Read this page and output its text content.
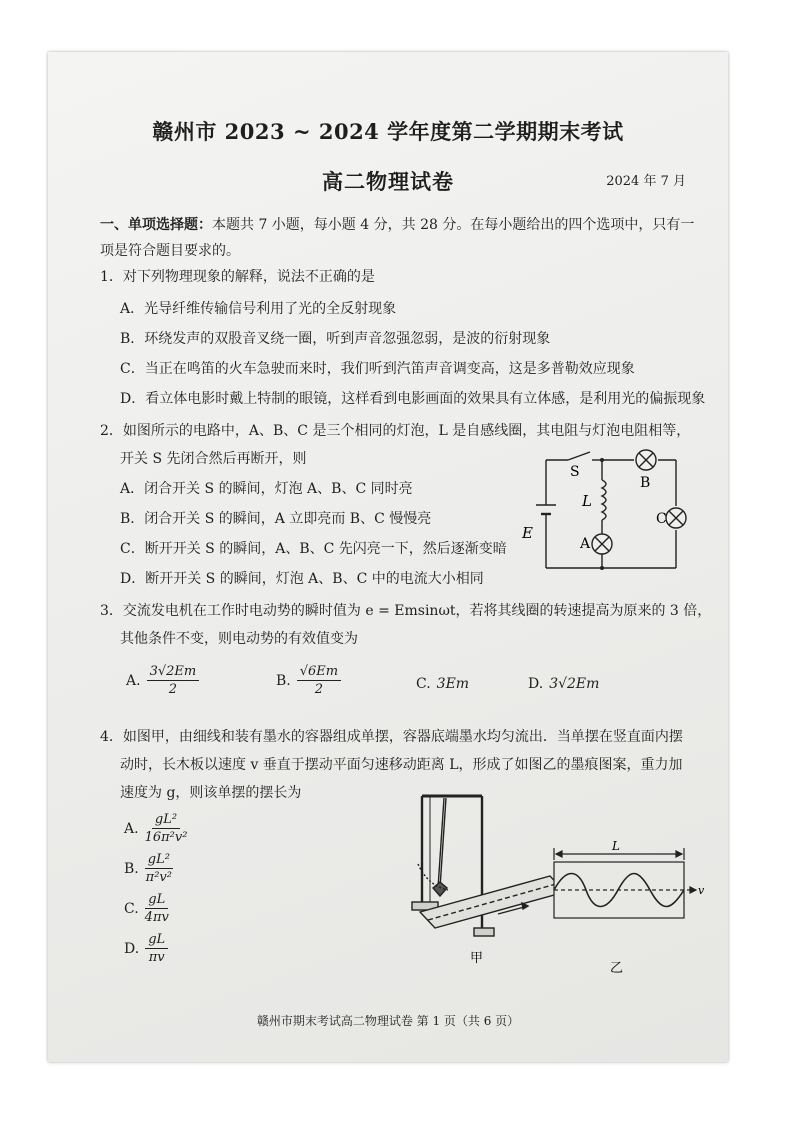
赣州市 2023 ~ 2024 学年度第二学期期末考试
高二物理试卷	2024 年 7 月
一、单项选择题：本题共 7 小题，每小题 4 分，共 28 分。在每小题给出的四个选项中，只有一项是符合题目要求的。
1．对下列物理现象的解释，说法不正确的是
A．光导纤维传输信号利用了光的全反射现象
B．环绕发声的双股音叉绕一圈，听到声音忽强忽弱，是波的衍射现象
C．当正在鸣笛的火车急驶而来时，我们听到汽笛声音调变高，这是多普勒效应现象
D．看立体电影时戴上特制的眼镜，这样看到电影画面的效果具有立体感，是利用光的偏振现象
2．如图所示的电路中，A、B、C 是三个相同的灯泡，L 是自感线圈，其电阻与灯泡电阻相等，
开关 S 先闭合然后再断开，则
A．闭合开关 S 的瞬间，灯泡 A、B、C 同时亮
B．闭合开关 S 的瞬间，A 立即亮而 B、C 慢慢亮
C．断开开关 S 的瞬间，A、B、C 先闪亮一下，然后逐渐变暗
D．断开开关 S 的瞬间，灯泡 A、B、C 中的电流大小相同
S
B
L
C
E
A
3．交流发电机在工作时电动势的瞬时值为 e = Emsinωt，若将其线圈的转速提高为原来的 3 倍，
其他条件不变，则电动势的有效值变为
A. $\frac{3√2Em}{2}$	B. $\frac{√6Em}{2}$	C. 3Em	D. 3√2Em
4．如图甲，由细线和装有墨水的容器组成单摆，容器底端墨水均匀流出．当单摆在竖直面内摆
动时，长木板以速度 v 垂直于摆动平面匀速移动距离 L，形成了如图乙的墨痕图案，重力加
速度为 g，则该单摆的摆长为
A. $\frac{\text{gL²}}{\text{16π²v²}}$
B. $\frac{\text{gL²}}{\text{π²v²}}$
C. $\frac{gL}{4\pi v}$
D. $\frac{gL}{\pi v}$	甲
L
v
乙
赣州市期末考试高二物理试卷 第 1 页（共 6 页）
